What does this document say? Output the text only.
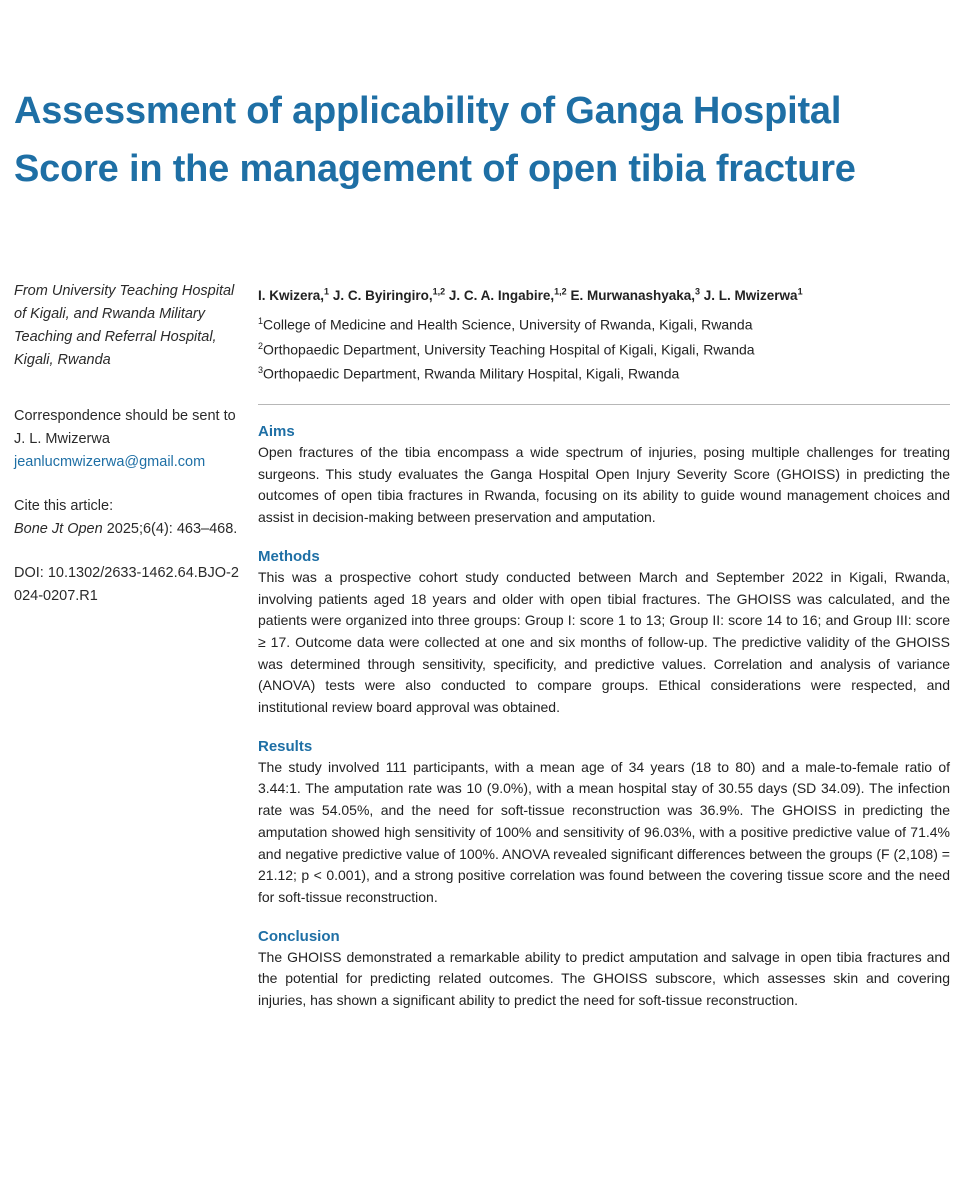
Assessment of applicability of Ganga Hospital Score in the management of open tibia fracture

From University Teaching Hospital of Kigali, and Rwanda Military Teaching and Referral Hospital, Kigali, Rwanda

Correspondence should be sent to J. L. Mwizerwa
jeanlucmwizerwa@gmail.com

Cite this article:
Bone Jt Open 2025;6(4): 463–468.

DOI: 10.1302/2633-1462.64.BJO-2024-0207.R1

I. Kwizera,$^1$ J. C. Byiringiro,$^{1,2}$ J. C. A. Ingabire,$^{1,2}$ E. Murwanashyaka,$^3$ J. L. Mwizerwa$^1$
$^1$College of Medicine and Health Science, University of Rwanda, Kigali, Rwanda
$^2$Orthopaedic Department, University Teaching Hospital of Kigali, Kigali, Rwanda
$^3$Orthopaedic Department, Rwanda Military Hospital, Kigali, Rwanda
Aims

Open fractures of the tibia encompass a wide spectrum of injuries, posing multiple challenges for treating surgeons. This study evaluates the Ganga Hospital Open Injury Severity Score (GHOISS) in predicting the outcomes of open tibia fractures in Rwanda, focusing on its ability to guide wound management choices and assist in decision-making between preservation and amputation.

Methods

This was a prospective cohort study conducted between March and September 2022 in Kigali, Rwanda, involving patients aged 18 years and older with open tibial fractures. The GHOISS was calculated, and the patients were organized into three groups: Group I: score 1 to 13; Group II: score 14 to 16; and Group III: score ≥ 17. Outcome data were collected at one and six months of follow-up. The predictive validity of the GHOISS was determined through sensitivity, specificity, and predictive values. Correlation and analysis of variance (ANOVA) tests were also conducted to compare groups. Ethical considerations were respected, and institutional review board approval was obtained.

Results

The study involved 111 participants, with a mean age of 34 years (18 to 80) and a male-to-female ratio of 3.44:1. The amputation rate was 10 (9.0%), with a mean hospital stay of 30.55 days (SD 34.09). The infection rate was 54.05%, and the need for soft-tissue reconstruction was 36.9%. The GHOISS in predicting the amputation showed high sensitivity of 100% and sensitivity of 96.03%, with a positive predictive value of 71.4% and negative predictive value of 100%. ANOVA revealed significant differences between the groups (F (2,108) = 21.12; p < 0.001), and a strong positive correlation was found between the covering tissue score and the need for soft-tissue reconstruction.

Conclusion

The GHOISS demonstrated a remarkable ability to predict amputation and salvage in open tibia fractures and the potential for predicting related outcomes. The GHOISS subscore, which assesses skin and covering injuries, has shown a significant ability to predict the need for soft-tissue reconstruction.
